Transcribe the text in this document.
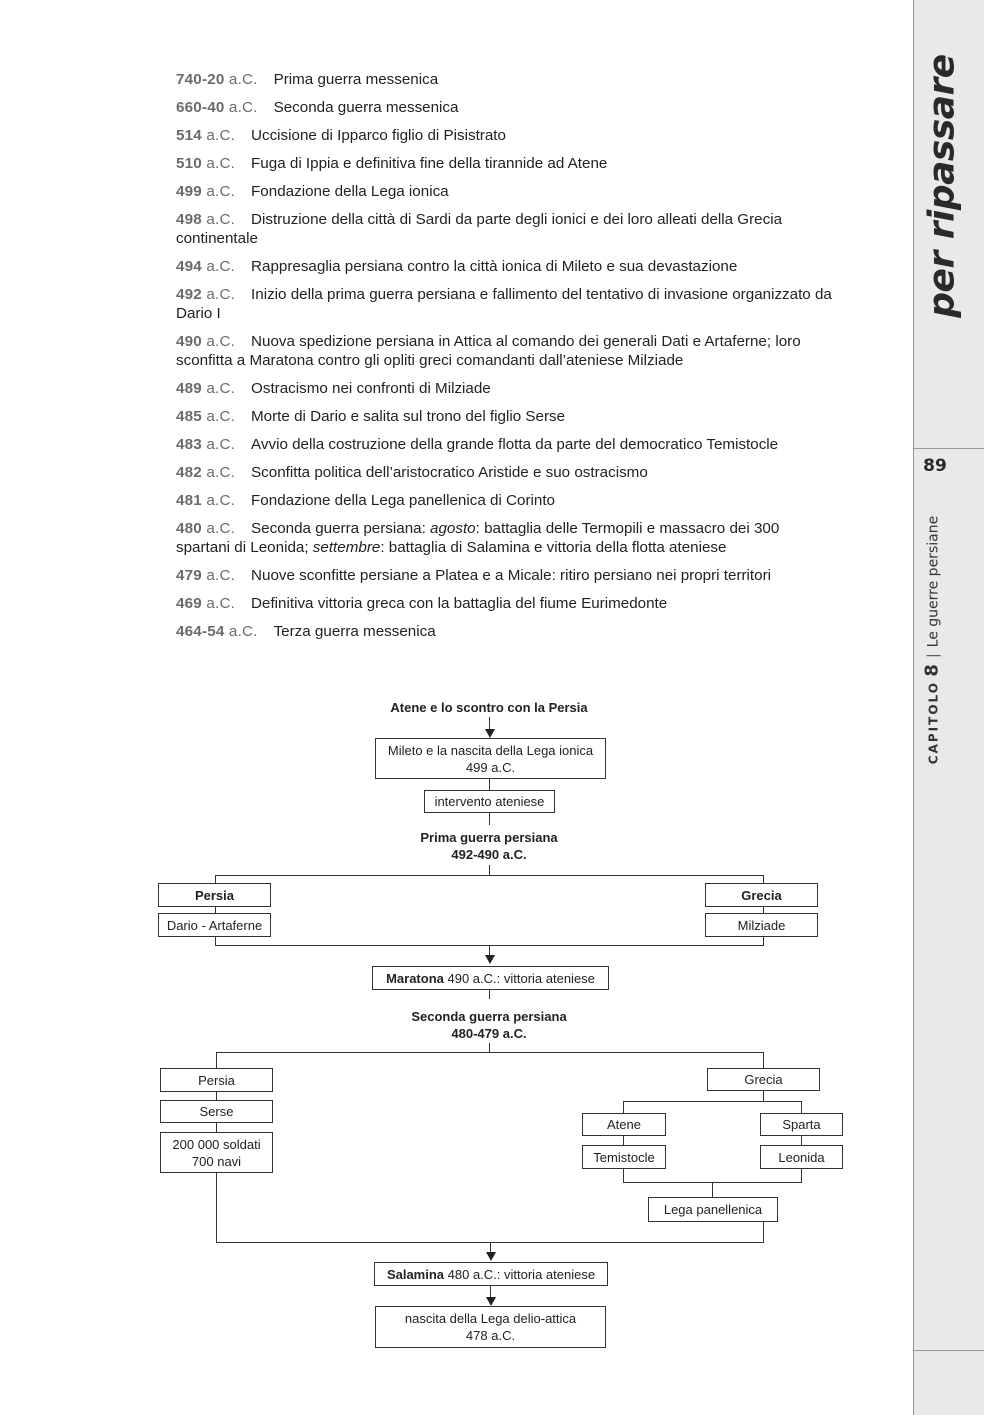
per ripassare
89
CAPITOLO 8|Le guerre persiane
740-20 a.C. Prima guerra messenica
660-40 a.C. Seconda guerra messenica
514 a.C. Uccisione di Ipparco figlio di Pisistrato
510 a.C. Fuga di Ippia e definitiva fine della tirannide ad Atene
499 a.C. Fondazione della Lega ionica
498 a.C. Distruzione della città di Sardi da parte degli ionici e dei loro alleati della Grecia continentale
494 a.C. Rappresaglia persiana contro la città ionica di Mileto e sua devastazione
492 a.C. Inizio della prima guerra persiana e fallimento del tentativo di invasione organizzato da Dario I
490 a.C. Nuova spedizione persiana in Attica al comando dei generali Dati e Artaferne; loro sconfitta a Maratona contro gli opliti greci comandanti dall’ateniese Milziade
489 a.C. Ostracismo nei confronti di Milziade
485 a.C. Morte di Dario e salita sul trono del figlio Serse
483 a.C. Avvio della costruzione della grande flotta da parte del democratico Temistocle
482 a.C. Sconfitta politica dell’aristocratico Aristide e suo ostracismo
481 a.C. Fondazione della Lega panellenica di Corinto
480 a.C. Seconda guerra persiana: agosto: battaglia delle Termopili e massacro dei 300 spartani di Leonida; settembre: battaglia di Salamina e vittoria della flotta ateniese
479 a.C. Nuove sconfitte persiane a Platea e a Micale: ritiro persiano nei propri territori
469 a.C. Definitiva vittoria greca con la battaglia del fiume Eurimedonte
464-54 a.C. Terza guerra messenica
Atene e lo scontro con la Persia
Mileto e la nascita della Lega ionica
499 a.C.
intervento ateniese
Prima guerra persiana
492-490 a.C.
Persia
Dario - Artaferne
Grecia
Milziade
Maratona 490 a.C.: vittoria ateniese
Seconda guerra persiana
480-479 a.C.
Persia
Serse
200 000 soldati
700 navi
Grecia
Atene
Temistocle
Sparta
Leonida
Lega panellenica
Salamina 480 a.C.: vittoria ateniese
nascita della Lega delio-attica
478 a.C.
